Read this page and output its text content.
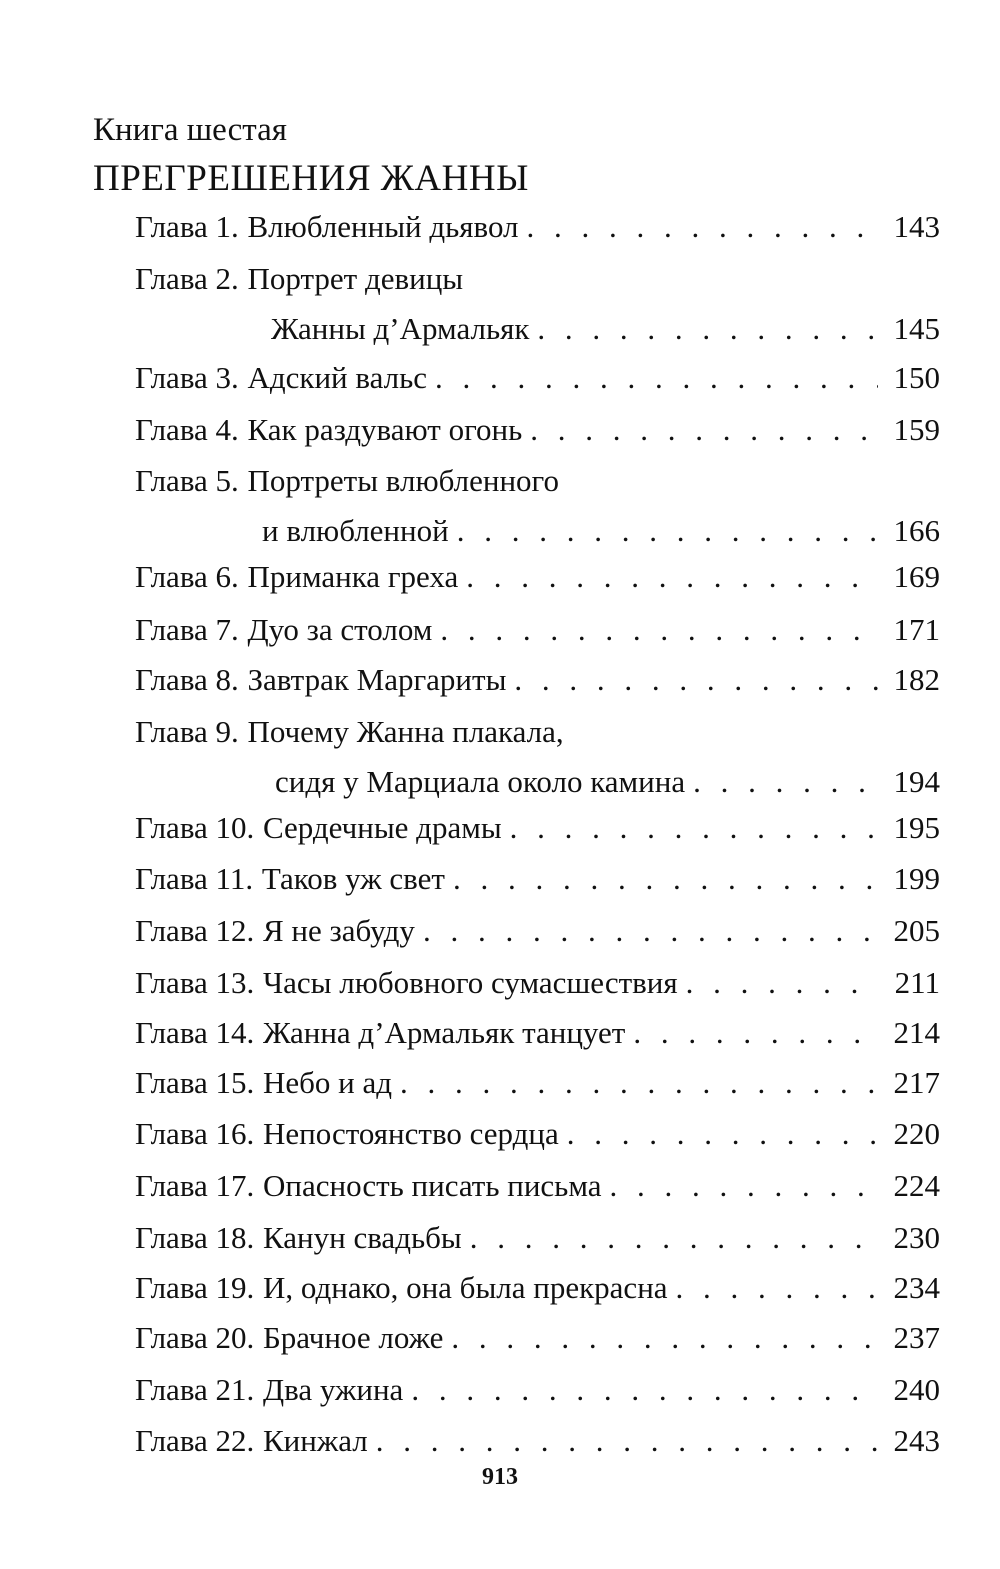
Книга шестая
ПРЕГРЕШЕНИЯ ЖАННЫ
Глава 1. Влюбленный дьявол . . .	143
Глава 2. Портрет девицы
Жанны д’Армальяк . . .	145
Глава 3. Адский вальс . . .	150
Глава 4. Как раздувают огонь . . .	159
Глава 5. Портреты влюбленного
и влюбленной . . .	166
Глава 6. Приманка греха . . .	169
Глава 7. Дуо за столом . . .	171
Глава 8. Завтрак Маргариты . . .	182
Глава 9. Почему Жанна плакала,
сидя у Марциала около камина . . .	194
Глава 10. Сердечные драмы . . .	195
Глава 11. Таков уж свет . . .	199
Глава 12. Я не забуду . . .	205
Глава 13. Часы любовного сумасшествия . . .	211
Глава 14. Жанна д’Армальяк танцует . . .	214
Глава 15. Небо и ад . . .	217
Глава 16. Непостоянство сердца . . .	220
Глава 17. Опасность писать письма . . .	224
Глава 18. Канун свадьбы . . .	230
Глава 19. И, однако, она была прекрасна . . .	234
Глава 20. Брачное ложе . . .	237
Глава 21. Два ужина . . .	240
Глава 22. Кинжал . . .	243
913
